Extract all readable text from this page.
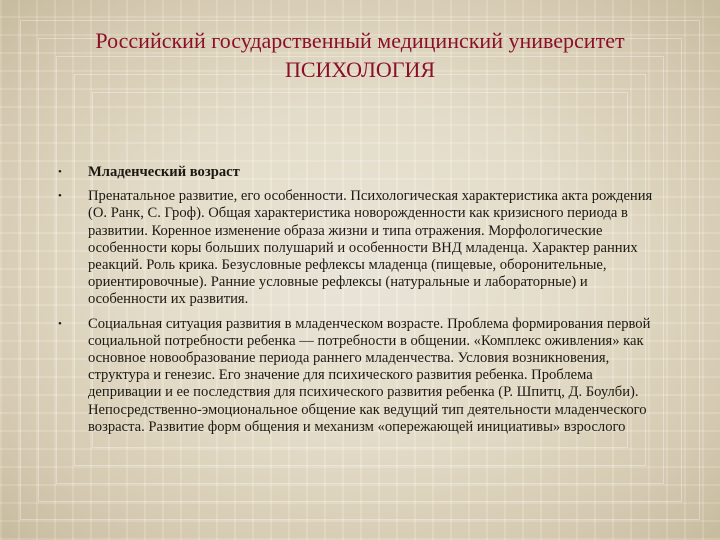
Российский государственный медицинский университет
ПСИХОЛОГИЯ
• Младенческий возраст
• Пренатальное развитие, его особенности. Психологическая характеристика акта рождения (О. Ранк, С. Гроф). Общая характеристика новорожденности как кризисного периода в развитии. Коренное изменение образа жизни и типа отражения. Морфологические особенности коры больших полушарий и особенности ВНД младенца. Характер ранних реакций. Роль крика. Безусловные рефлексы младенца (пищевые, оборонительные, ориентировочные). Ранние условные рефлексы (натуральные и лабораторные) и особенности их развития.
• Социальная ситуация развития в младенческом возрасте. Проблема формирования первой социальной потребности ребенка — потребности в общении. «Комплекс оживления» как основное новообразование периода раннего младенчества. Условия возникновения, структура и генезис. Его значение для психического развития ребенка. Проблема депривации и ее последствия для психического развития ребенка (Р. Шпитц, Д. Боулби). Непосредственно-эмоциональное общение как ведущий тип деятельности младенческого возраста. Развитие форм общения и механизм «опережающей инициативы» взрослого
